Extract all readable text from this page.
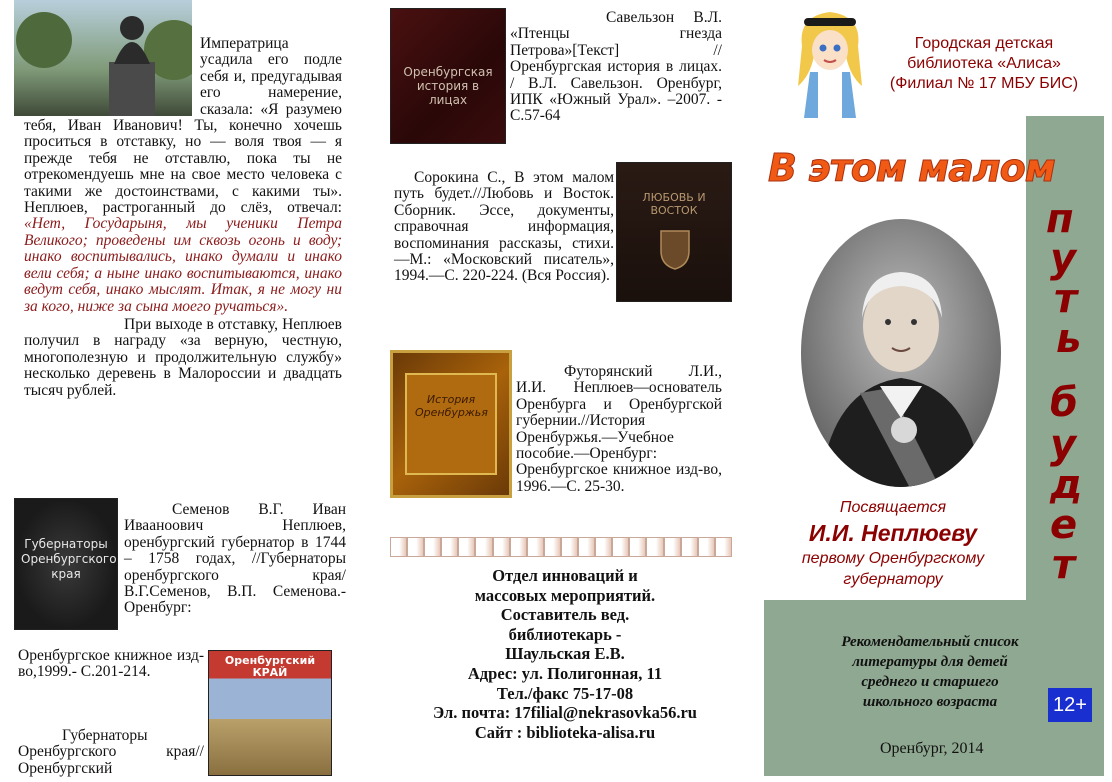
Императрица усадила его подле себя и, предугадывая его намерение, сказала: «Я разумею тебя, Иван Иванович! Ты, конечно хочешь проситься в отставку, но — воля твоя — я прежде тебя не отставлю, пока ты не отрекомендуешь мне на свое место человека с такими же достоинствами, с какими ты». Неплюев, растроганный до слёз, отвечал: «Нет, Государыня, мы ученики Петра Великого; проведены им сквозь огонь и воду; инако воспитывались, инако думали и инако вели себя; а ныне инако воспитываются, инако ведут себя, инако мыслят. Итак, я не могу ни за кого, ниже за сына моего ручаться».
При выходе в отставку, Неплюев получил в награду «за верную, честную, многополезную и продолжительную службу» несколько деревень в Малороссии и двадцать тысяч рублей.
Губернаторы Оренбургского края
Семенов В.Г. Иван Ивааноович Неплюев, оренбургский губернатор в 1744 – 1758 годах, //Губернаторы оренбургского края/ В.Г.Семенов, В.П. Семенова.- Оренбург:
Оренбургское книжное изд-во,1999.- С.201-214.
Оренбургский КРАЙ
Губернаторы Оренбургского края//Оренбургский
Оренбургская история в лицах
Савельзон В.Л. «Птенцы гнезда Петрова»[Текст] //Оренбургская история в лицах. / В.Л. Савельзон. Оренбург, ИПК «Южный Урал». –2007. - С.57-64
Сорокина С., В этом малом путь будет.//Любовь и Восток. Сборник. Эссе, документы, справочная информация, воспоминания рассказы, стихи.—М.: «Московский писатель», 1994.—С. 220-224. (Вся Россия).
ЛЮБОВЬ И ВОСТОК
История Оренбуржья
Футорянский Л.И., И.И. Неплюев—основатель Оренбурга и Оренбургской губернии.//История Оренбуржья.—Учебное пособие.—Оренбург: Оренбургское книжное изд-во, 1996.—С. 25-30.
Отдел инноваций и
массовых мероприятий.
Составитель вед.
библиотекарь -
Шаульская Е.В.
Адрес: ул. Полигонная, 11
Тел./факс 75-17-08
Эл. почта: 17filial@nekrasovka56.ru
Сайт : biblioteka-alisa.ru
Городская детская
библиотека «Алиса»
(Филиал № 17 МБУ БИС)
В этом малом
п
у
т
ь
б
у
д
е
т
Посвящается
И.И. Неплюеву
первому Оренбургскому
губернатору
Рекомендательный список
литературы для детей
среднего и старшего
школьного возраста	12+
Оренбург, 2014
